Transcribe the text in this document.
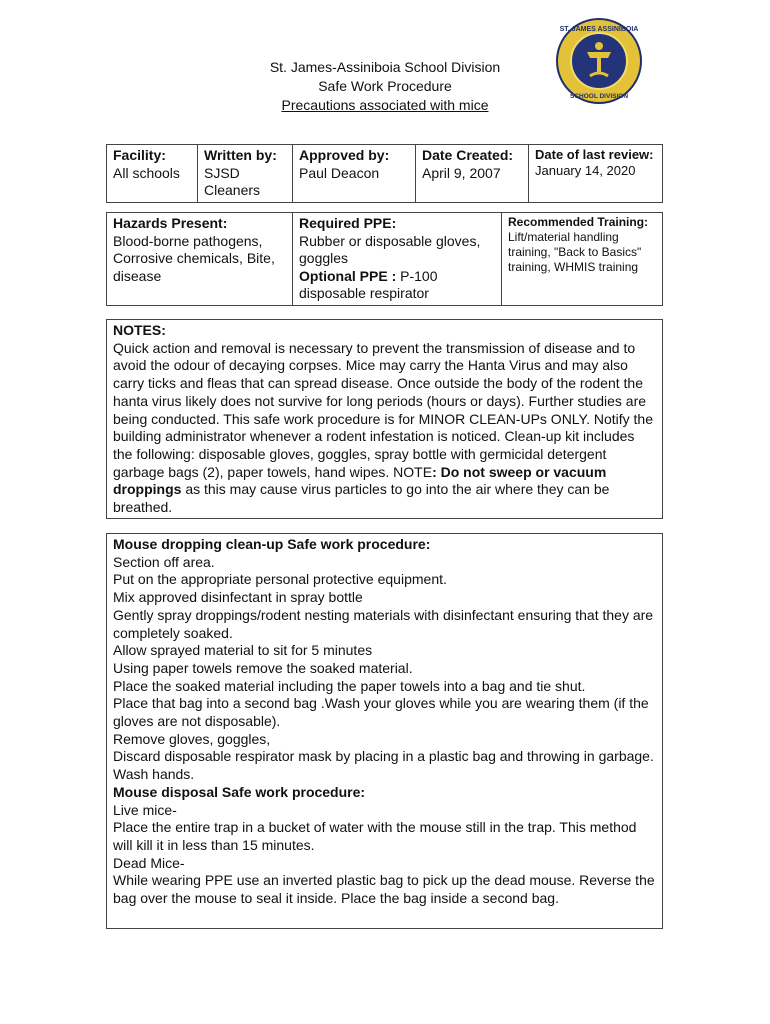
ST. JAMES ASSINIBOIA
SCHOOL DIVISION
St. James-Assiniboia School Division
Safe Work Procedure
Precautions associated with mice
Facility:
All schools

Written by:
SJSD Cleaners

Approved by:
Paul Deacon

Date Created:
April 9, 2007

Date of last review:
January 14, 2020
Hazards Present:
Blood-borne pathogens, Corrosive chemicals, Bite, disease

Required PPE:
Rubber or disposable gloves, goggles
Optional PPE : P-100 disposable respirator
	Recommended Training: Lift/material handling training, "Back to Basics" training, WHMIS training
NOTES:

Quick action and removal is necessary to prevent the transmission of disease and to avoid the odour of decaying corpses. Mice may carry the Hanta Virus and may also carry ticks and fleas that can spread disease. Once outside the body of the rodent the hanta virus likely does not survive for long periods (hours or days). Further studies are being conducted. This safe work procedure is for MINOR CLEAN-UPs ONLY. Notify the building administrator whenever a rodent infestation is noticed. Clean-up kit includes the following: disposable gloves, goggles, spray bottle with germicidal detergent garbage bags (2), paper towels, hand wipes. NOTE: Do not sweep or vacuum droppings as this may cause virus particles to go into the air where they can be breathed.

Mouse dropping clean-up Safe work procedure:
Section off area.
Put on the appropriate personal protective equipment.
Mix approved disinfectant in spray bottle
Gently spray droppings/rodent nesting materials with disinfectant ensuring that they are completely soaked.
Allow sprayed material to sit for 5 minutes
Using paper towels remove the soaked material.
Place the soaked material including the paper towels into a bag and tie shut.
Place that bag into a second bag .Wash your gloves while you are wearing them (if the gloves are not disposable).
Remove gloves, goggles,
Discard disposable respirator mask by placing in a plastic bag and throwing in garbage. Wash hands.
Mouse disposal Safe work procedure:
Live mice-
Place the entire trap in a bucket of water with the mouse still in the trap. This method will kill it in less than 15 minutes.
Dead Mice-
While wearing PPE use an inverted plastic bag to pick up the dead mouse. Reverse the bag over the mouse to seal it inside. Place the bag inside a second bag.
